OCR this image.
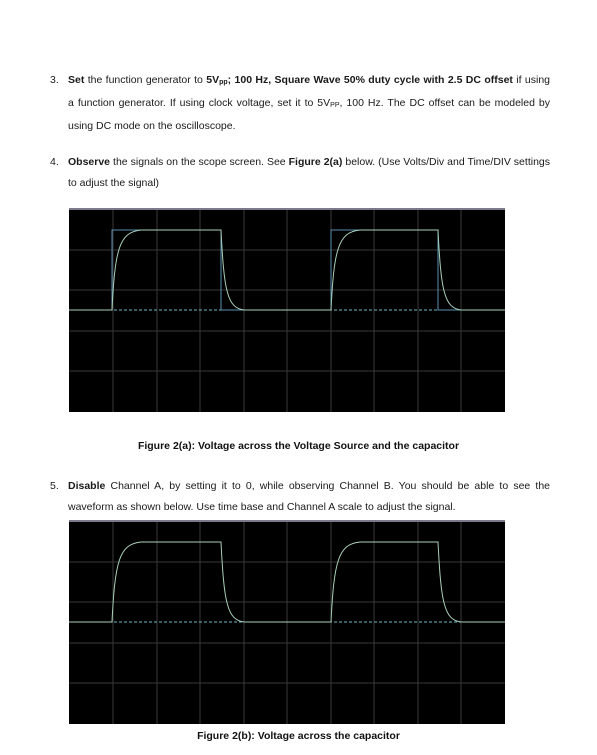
3. Set the function generator to $5V_{pp}$; 100 Hz, Square Wave 50% duty cycle with 2.5 DC offset if using a function generator. If using clock voltage, set it to $5V_{PP}$, 100 Hz. The DC offset can be modeled by using DC mode on the oscilloscope.
4. Observe the signals on the scope screen. See Figure 2(a) below. (Use Volts/Div and Time/DIV settings to adjust the signal)
Figure 2(a): Voltage across the Voltage Source and the capacitor
5. Disable Channel A, by setting it to 0, while observing Channel B. You should be able to see the waveform as shown below. Use time base and Channel A scale to adjust the signal.
Figure 2(b): Voltage across the capacitor
